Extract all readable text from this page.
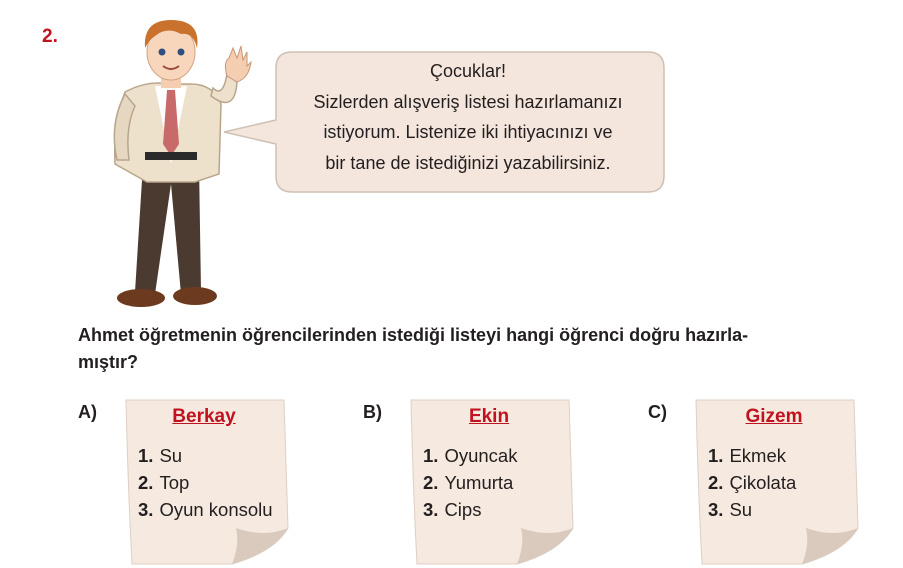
2.
Çocuklar!
Sizlerden alışveriş listesi hazırlamanızı
istiyorum. Listenize iki ihtiyacınızı ve
bir tane de istediğinizi yazabilirsiniz.
Ahmet öğretmenin öğrencilerinden istediği listeyi hangi öğrenci doğru hazırla-
mıştır?
A)	Berkay
1. Su
2. Top
3. Oyun konsolu
B)	Ekin
1. Oyuncak
2. Yumurta
3. Cips
C)	Gizem
1. Ekmek
2. Çikolata
3. Su
